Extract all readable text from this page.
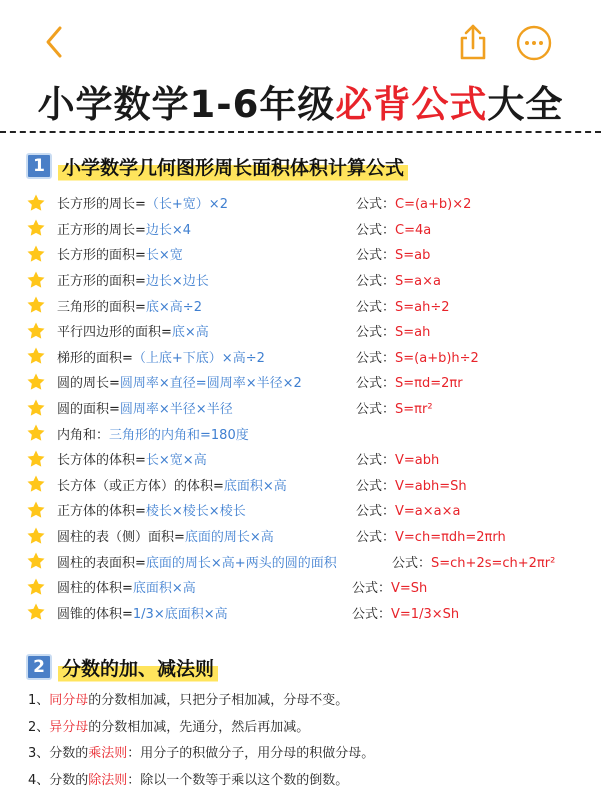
小学数学1-6年级必背公式大全
1 小学数学几何图形周长面积体积计算公式
长方形的周长=（长+宽）×2	公式：C=(a+b)×2
正方形的周长=边长×4	公式：C=4a
长方形的面积=长×宽	公式：S=ab
正方形的面积=边长×边长	公式：S=a×a
三角形的面积=底×高÷2	公式：S=ah÷2
平行四边形的面积=底×高	公式：S=ah
梯形的面积=（上底+下底）×高÷2	公式：S=(a+b)h÷2
圆的周长=圆周率×直径=圆周率×半径×2	公式：S=πd=2πr
圆的面积=圆周率×半径×半径	公式：S=πr²
内角和：三角形的内角和=180度
长方体的体积=长×宽×高	公式：V=abh
长方体（或正方体）的体积=底面积×高	公式：V=abh=Sh
正方体的体积=棱长×棱长×棱长	公式：V=a×a×a
圆柱的表（侧）面积=底面的周长×高	公式：V=ch=πdh=2πrh
圆柱的表面积=底面的周长×高+两头的圆的面积	公式：S=ch+2s=ch+2πr²
圆柱的体积=底面积×高	公式：V=Sh
圆锥的体积=1/3×底面积×高	公式：V=1/3×Sh
2 分数的加、减法则
1、同分母的分数相加减，只把分子相加减，分母不变。
2、异分母的分数相加减，先通分，然后再加减。
3、分数的乘法则：用分子的积做分子，用分母的积做分母。
4、分数的除法则：除以一个数等于乘以这个数的倒数。
